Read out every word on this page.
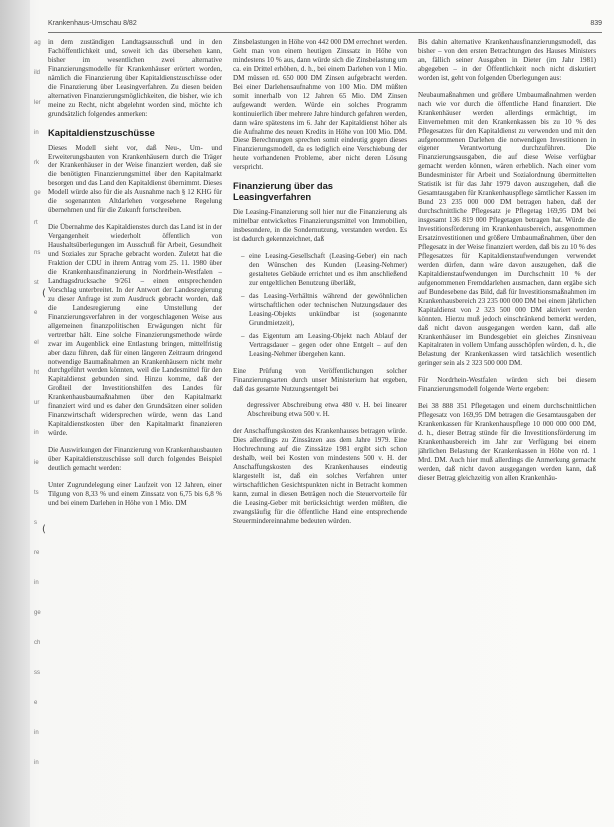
ag
ild
ler
in
rk
ge
rt
ns
st
e
el
ht
ur
in
ie
ts
s
re
in
ge
ch
ss
e
in
in
Krankenhaus-Umschau 8/82	839

in dem zuständigen Landtagsausschuß und in den Fachöffentlichkeit und, soweit ich das übersehen kann, bisher im wesentlichen zwei alternative Finanzierungsmodelle für Krankenhäuser erörtert worden, nämlich die Finanzierung über Kapitaldienstzuschüsse oder die Finanzierung über Leasingverfahren. Zu diesen beiden alternativen Finanzierungsmöglichkeiten, die bisher, wie ich meine zu Recht, nicht abgelehnt worden sind, möchte ich grundsätzlich folgendes anmerken:

Kapitaldienstzuschüsse

Dieses Modell sieht vor, daß Neu-, Um- und Erweiterungsbauten von Krankenhäusern durch die Träger der Krankenhäuser in der Weise finanziert werden, daß sie die benötigten Finanzierungsmittel über den Kapitalmarkt besorgen und das Land den Kapitaldienst übernimmt. Dieses Modell würde also für die als Ausnahme nach § 12 KHG für die sogenannten Altdarlehen vorgesehene Regelung übernehmen und für die Zukunft fortschreiben.

Die Übernahme des Kapitaldienstes durch das Land ist in der Vergangenheit wiederholt öffentlich von Haushaltsüberlegungen im Ausschuß für Arbeit, Gesundheit und Soziales zur Sprache gebracht worden. Zuletzt hat die Fraktion der CDU in ihrem Antrag vom 25. 11. 1980 über die Krankenhausfinanzierung in Nordrhein-Westfalen – Landtagsdrucksache 9/261 – einen entsprechenden Vorschlag unterbreitet. In der Antwort der Landesregierung zu dieser Anfrage ist zum Ausdruck gebracht worden, daß die Landesregierung eine Umstellung der Finanzierungsverfahren in der vorgeschlagenen Weise aus allgemeinen finanzpolitischen Erwägungen nicht für vertretbar hält. Eine solche Finanzierungsmethode würde zwar im Augenblick eine Entlastung bringen, mittelfristig aber dazu führen, daß für einen längeren Zeitraum dringend notwendige Baumaßnahmen an Krankenhäusern nicht mehr durchgeführt werden könnten, weil die Landesmittel für den Kapitaldienst gebunden sind. Hinzu komme, daß der Großteil der Investitionshilfen des Landes für Krankenhausbaumaßnahmen über den Kapitalmarkt finanziert wird und es daher den Grundsätzen einer soliden Finanzwirtschaft widersprechen würde, wenn das Land Kapitaldienstkosten über den Kapitalmarkt finanzieren würde.

Die Auswirkungen der Finanzierung von Krankenhausbauten über Kapitaldienstzuschüsse soll durch folgendes Beispiel deutlich gemacht werden:

Unter Zugrundelegung einer Laufzeit von 12 Jahren, einer Tilgung von 8,33 % und einem Zinssatz von 6,75 bis 6,8 % und bei einem Darlehen in Höhe von 1 Mio. DM

Zinsbelastungen in Höhe von 442 000 DM errechnet werden. Geht man von einem heutigen Zinssatz in Höhe von mindestens 10 % aus, dann würde sich die Zinsbelastung um ca. ein Drittel erhöhen, d. h., bei einem Darlehen von 1 Mio. DM müssen rd. 650 000 DM Zinsen aufgebracht werden. Bei einer Darlehensaufnahme von 100 Mio. DM müßten somit innerhalb von 12 Jahren 65 Mio. DM Zinsen aufgewandt werden. Würde ein solches Programm kontinuierlich über mehrere Jahre hindurch gefahren werden, dann wäre spätestens im 6. Jahr der Kapitaldienst höher als die Aufnahme des neuen Kredits in Höhe von 100 Mio. DM. Diese Berechnungen sprechen somit eindeutig gegen dieses Finanzierungsmodell, da es lediglich eine Verschiebung der heute vorhandenen Probleme, aber nicht deren Lösung verspricht.

Finanzierung über das Leasingverfahren

Die Leasing-Finanzierung soll hier nur die Finanzierung als mittelbar entwickeltes Finanzierungsmittel von Immobilien, insbesondere, in die Sondernutzung, verstanden werden. Es ist dadurch gekennzeichnet, daß

– eine Leasing-Gesellschaft (Leasing-Geber) ein nach den Wünschen des Kunden (Leasing-Nehmer) gestaltetes Gebäude errichtet und es ihm anschließend zur entgeltlichen Benutzung überläßt,
– das Leasing-Verhältnis während der gewöhnlichen wirtschaftlichen oder technischen Nutzungsdauer des Leasing-Objekts unkündbar ist (sogenannte Grundmietzeit),
– das Eigentum am Leasing-Objekt nach Ablauf der Vertragsdauer – gegen oder ohne Entgelt – auf den Leasing-Nehmer übergehen kann.

Eine Prüfung von Veröffentlichungen solcher Finanzierungsarten durch unser Ministerium hat ergeben, daß das gesamte Nutzungsentgelt bei

degressiver Abschreibung etwa 480 v. H. bei linearer Abschreibung etwa 500 v. H.

der Anschaffungskosten des Krankenhauses betragen würde. Dies allerdings zu Zinssätzen aus dem Jahre 1979. Eine Hochrechnung auf die Zinssätze 1981 ergibt sich schon deshalb, weil bei Kosten von mindestens 500 v. H. der Anschaffungskosten des Krankenhauses eindeutig klargestellt ist, daß ein solches Verfahren unter wirtschaftlichen Gesichtspunkten nicht in Betracht kommen kann, zumal in diesen Beträgen noch die Steuervorteile für die Leasing-Geber mit berücksichtigt werden müßten, die zwangsläufig für die öffentliche Hand eine entsprechende Steuermindereinnahme bedeuten würden.

Bis dahin alternative Krankenhausfinanzierungsmodell, das bisher – von den ersten Betrachtungen des Hauses Ministers an, fällich seiner Ausgaben in Dieter (im Jahr 1981) abgegeben – in der Öffentlichkeit noch nicht diskutiert worden ist, geht von folgenden Überlegungen aus:

Neubaumaßnahmen und größere Umbaumaßnahmen werden nach wie vor durch die öffentliche Hand finanziert. Die Krankenhäuser werden allerdings ermächtigt, im Einvernehmen mit den Krankenkassen bis zu 10 % des Pflegesatzes für den Kapitaldienst zu verwenden und mit den aufgenommenen Darlehen die notwendigen Investitionen in eigener Verantwortung durchzuführen. Die Finanzierungsausgaben, die auf diese Weise verfügbar gemacht werden können, wären erheblich. Nach einer vom Bundesminister für Arbeit und Sozialordnung übermittelten Statistik ist für das Jahr 1979 davon auszugehen, daß die Gesamtausgaben für Krankenhauspflege sämtlicher Kassen im Bund 23 235 000 000 DM betragen haben, daß der durchschnittliche Pflegesatz je Pflegetag 169,95 DM bei insgesamt 136 819 000 Pflegetagen betragen hat. Würde die Investitionsförderung im Krankenhausbereich, ausgenommen Ersatzinvestitionen und größere Umbaumaßnahmen, über den Pflegesatz in der Weise finanziert werden, daß bis zu 10 % des Pflegesatzes für Kapitaldienstaufwendungen verwendet werden dürfen, dann wäre davon auszugehen, daß die Kapitaldienstaufwendungen im Durchschnitt 10 % der aufgenommenen Fremddarlehen ausmachen, dann ergäbe sich auf Bundesebene das Bild, daß für Investitionsmaßnahmen im Krankenhausbereich 23 235 000 000 DM bei einem jährlichen Kapitaldienst von 2 323 500 000 DM aktiviert werden könnten. Hierzu muß jedoch einschränkend bemerkt werden, daß nicht davon ausgegangen werden kann, daß alle Krankenhäuser im Bundesgebiet ein gleiches Zinsniveau Kapitalraten in vollem Umfang ausschöpfen würden, d. h., die Belastung der Krankenkassen wird tatsächlich wesentlich geringer sein als 2 323 500 000 DM.

Für Nordrhein-Westfalen würden sich bei diesem Finanzierungsmodell folgende Werte ergeben:

Bei 38 888 351 Pflegetagen und einem durchschnittlichen Pflegesatz von 169,95 DM betragen die Gesamtausgaben der Krankenkassen für Krankenhauspflege 10 000 000 000 DM, d. h., dieser Betrag stünde für die Investitionsförderung im Krankenhausbereich im Jahr zur Verfügung bei einem jährlichen Belastung der Krankenkassen in Höhe von rd. 1 Mrd. DM. Auch hier muß allerdings die Anmerkung gemacht werden, daß nicht davon ausgegangen werden kann, daß dieser Betrag gleichzeitig von allen Krankenhäu-

(
(
